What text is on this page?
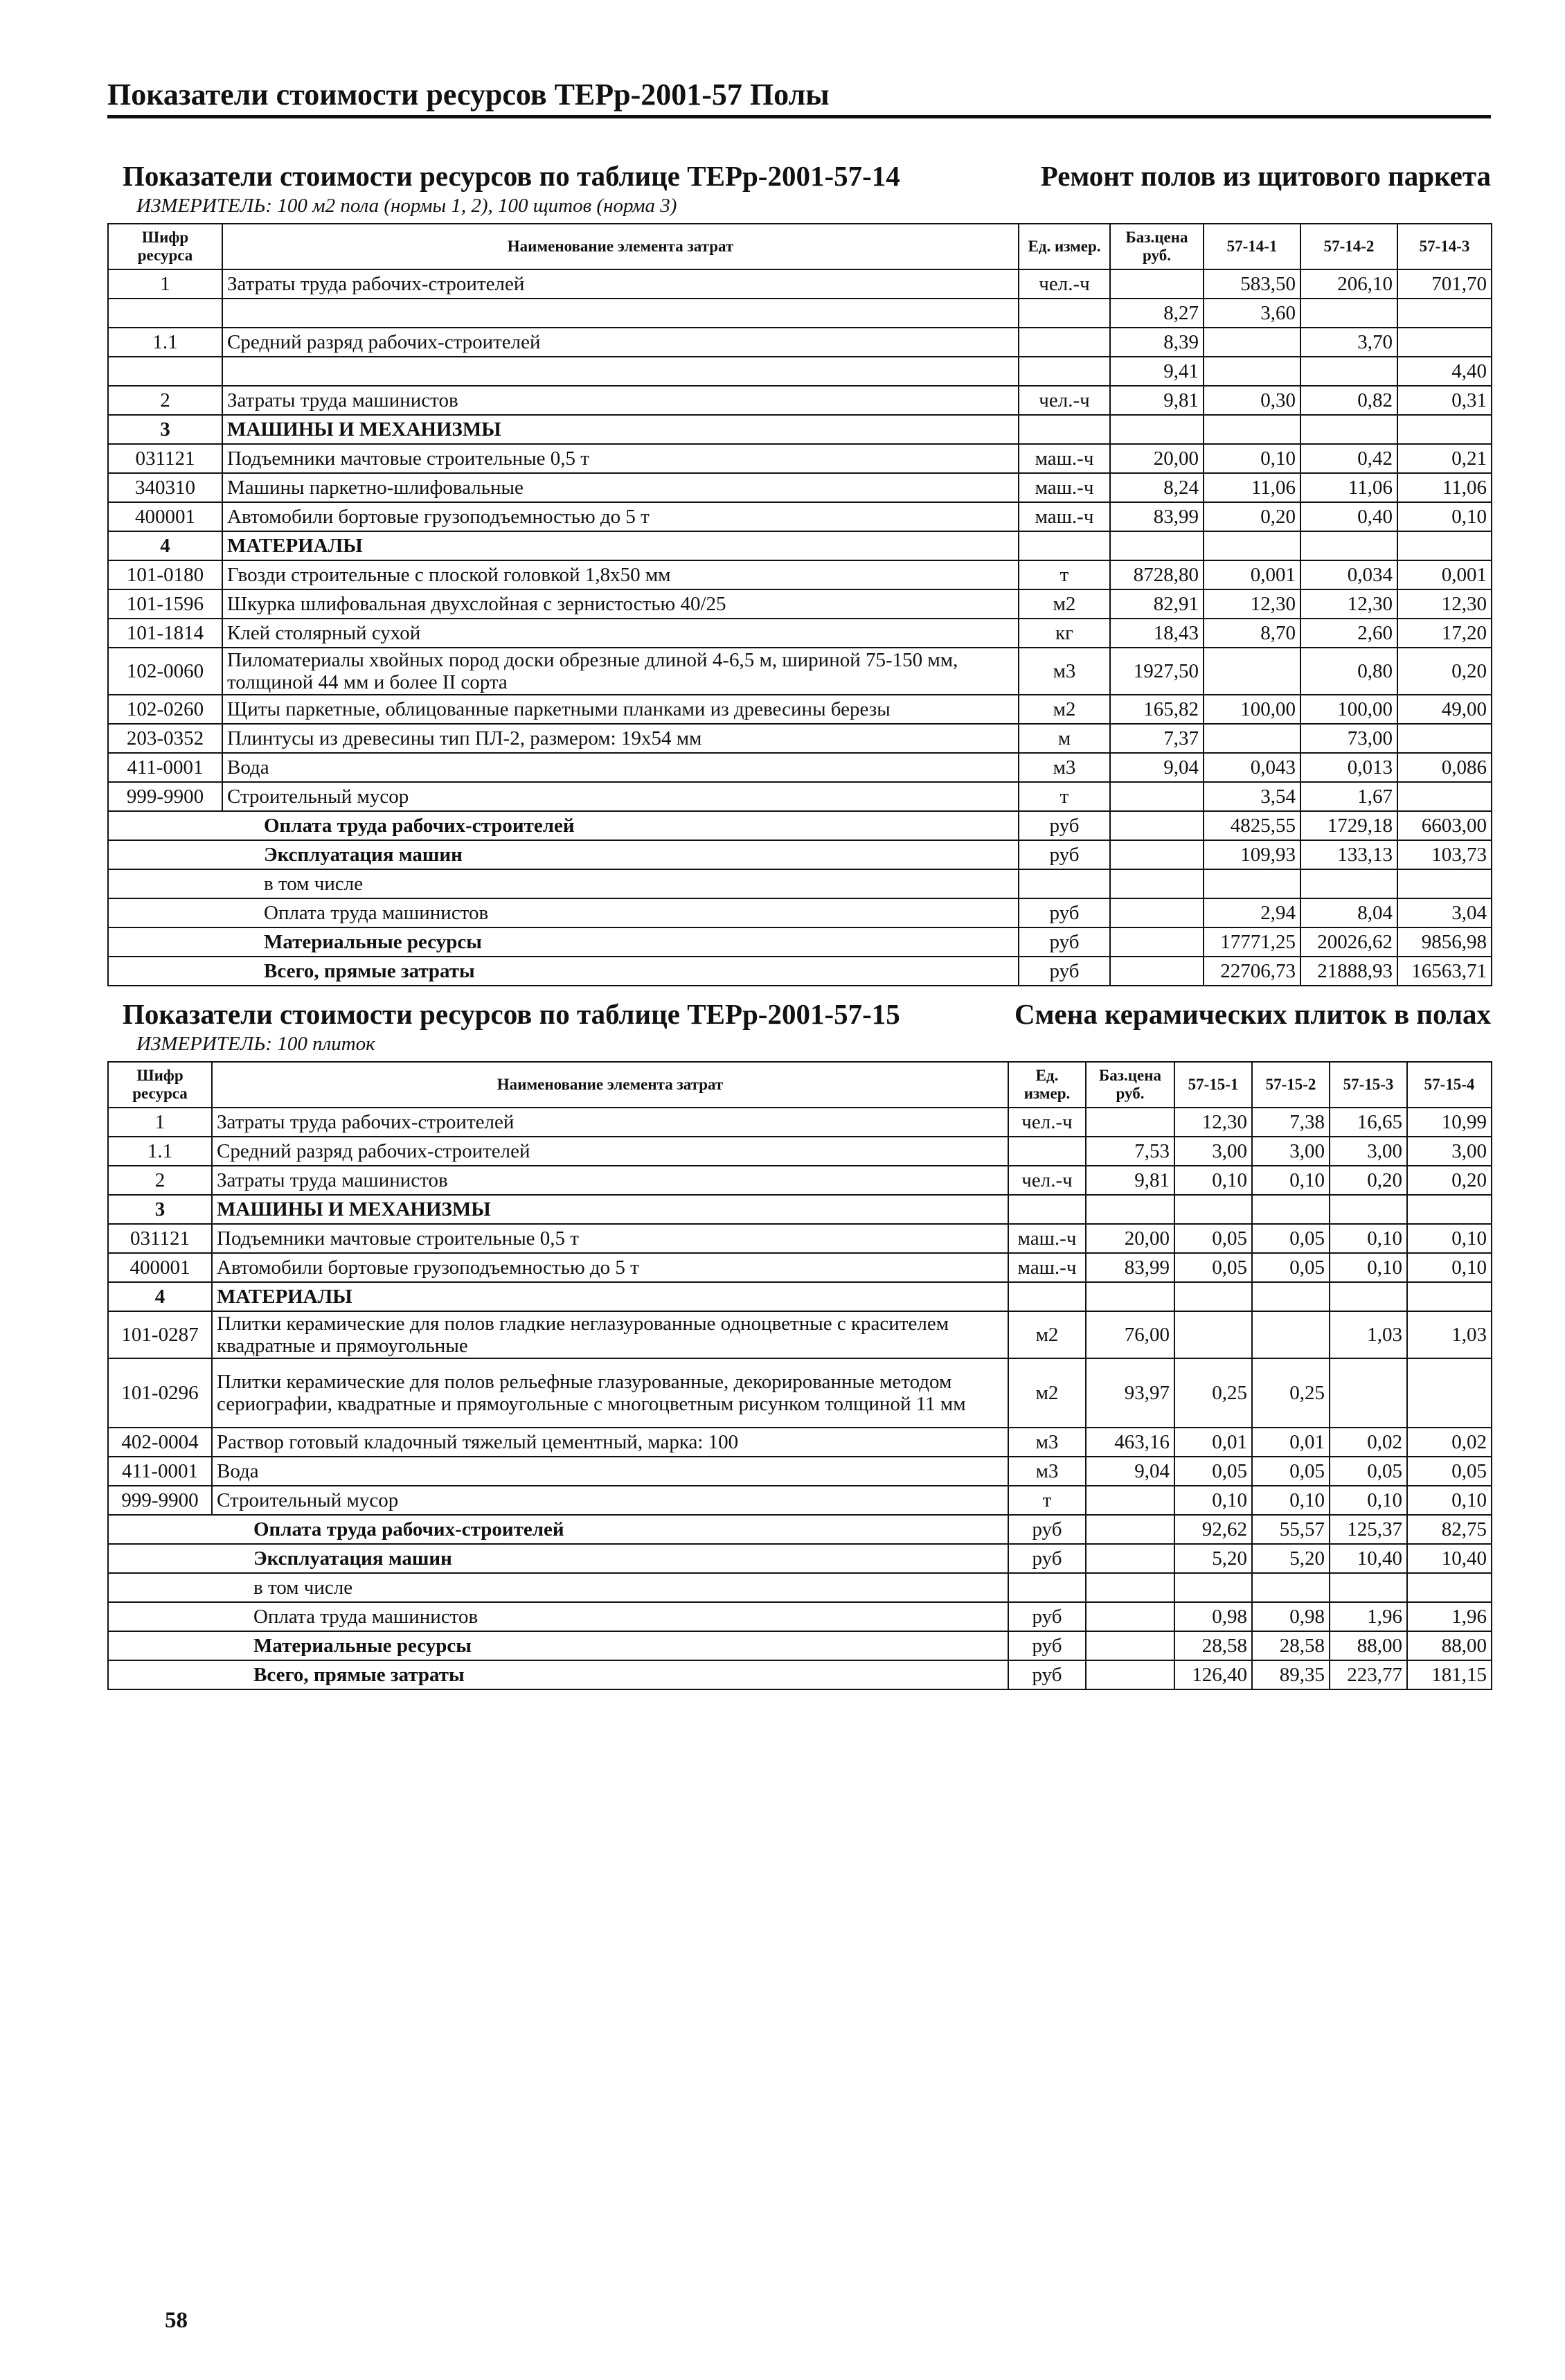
Показатели стоимости ресурсов ТЕРр-2001-57 Полы
Показатели стоимости ресурсов по таблице ТЕРр-2001-57-14	Ремонт полов из щитового паркета
ИЗМЕРИТЕЛЬ: 100 м2 пола (нормы 1, 2), 100 щитов (норма 3)
Шифр ресурса	Наименование элемента затрат	Ед. измер.	Баз.цена руб.	57-14-1	57-14-2	57-14-3
1	Затраты труда рабочих-строителей	чел.-ч		583,50	206,10	701,70
			8,27	3,60		
1.1	Средний разряд рабочих-строителей		8,39		3,70	
			9,41			4,40
2	Затраты труда машинистов	чел.-ч	9,81	0,30	0,82	0,31
3	МАШИНЫ И МЕХАНИЗМЫ					
031121	Подъемники мачтовые строительные 0,5 т	маш.-ч	20,00	0,10	0,42	0,21
340310	Машины паркетно-шлифовальные	маш.-ч	8,24	11,06	11,06	11,06
400001	Автомобили бортовые грузоподъемностью до 5 т	маш.-ч	83,99	0,20	0,40	0,10
4	МАТЕРИАЛЫ					
101-0180	Гвозди строительные с плоской головкой 1,8x50 мм	т	8728,80	0,001	0,034	0,001
101-1596	Шкурка шлифовальная двухслойная с зернистостью 40/25	м2	82,91	12,30	12,30	12,30
101-1814	Клей столярный сухой	кг	18,43	8,70	2,60	17,20
102-0060	Пиломатериалы хвойных пород доски обрезные длиной 4-6,5 м, шириной 75-150 мм, толщиной 44 мм и более II сорта	м3	1927,50		0,80	0,20
102-0260	Щиты паркетные, облицованные паркетными планками из древесины березы	м2	165,82	100,00	100,00	49,00
203-0352	Плинтусы из древесины тип ПЛ-2, размером: 19x54 мм	м	7,37		73,00	
411-0001	Вода	м3	9,04	0,043	0,013	0,086
999-9900	Строительный мусор	т		3,54	1,67	
	Оплата труда рабочих-строителей	руб		4825,55	1729,18	6603,00
	Эксплуатация машин	руб		109,93	133,13	103,73
	в том числе					
	Оплата труда машинистов	руб		2,94	8,04	3,04
	Материальные ресурсы	руб		17771,25	20026,62	9856,98
	Всего, прямые затраты	руб		22706,73	21888,93	16563,71
Показатели стоимости ресурсов по таблице ТЕРр-2001-57-15	Смена керамических плиток в полах
ИЗМЕРИТЕЛЬ: 100 плиток
Шифр ресурса	Наименование элемента затрат	Ед. измер.	Баз.цена руб.	57-15-1	57-15-2	57-15-3	57-15-4
1	Затраты труда рабочих-строителей	чел.-ч		12,30	7,38	16,65	10,99
1.1	Средний разряд рабочих-строителей		7,53	3,00	3,00	3,00	3,00
2	Затраты труда машинистов	чел.-ч	9,81	0,10	0,10	0,20	0,20
3	МАШИНЫ И МЕХАНИЗМЫ						
031121	Подъемники мачтовые строительные 0,5 т	маш.-ч	20,00	0,05	0,05	0,10	0,10
400001	Автомобили бортовые грузоподъемностью до 5 т	маш.-ч	83,99	0,05	0,05	0,10	0,10
4	МАТЕРИАЛЫ						
101-0287	Плитки керамические для полов гладкие неглазурованные одноцветные с красителем квадратные и прямоугольные	м2	76,00			1,03	1,03
101-0296	Плитки керамические для полов рельефные глазурованные, декорированные методом сериографии, квадратные и прямоугольные с многоцветным рисунком толщиной 11 мм	м2	93,97	0,25	0,25		
402-0004	Раствор готовый кладочный тяжелый цементный, марка: 100	м3	463,16	0,01	0,01	0,02	0,02
411-0001	Вода	м3	9,04	0,05	0,05	0,05	0,05
999-9900	Строительный мусор	т		0,10	0,10	0,10	0,10
	Оплата труда рабочих-строителей	руб		92,62	55,57	125,37	82,75
	Эксплуатация машин	руб		5,20	5,20	10,40	10,40
	в том числе						
	Оплата труда машинистов	руб		0,98	0,98	1,96	1,96
	Материальные ресурсы	руб		28,58	28,58	88,00	88,00
	Всего, прямые затраты	руб		126,40	89,35	223,77	181,15
58
